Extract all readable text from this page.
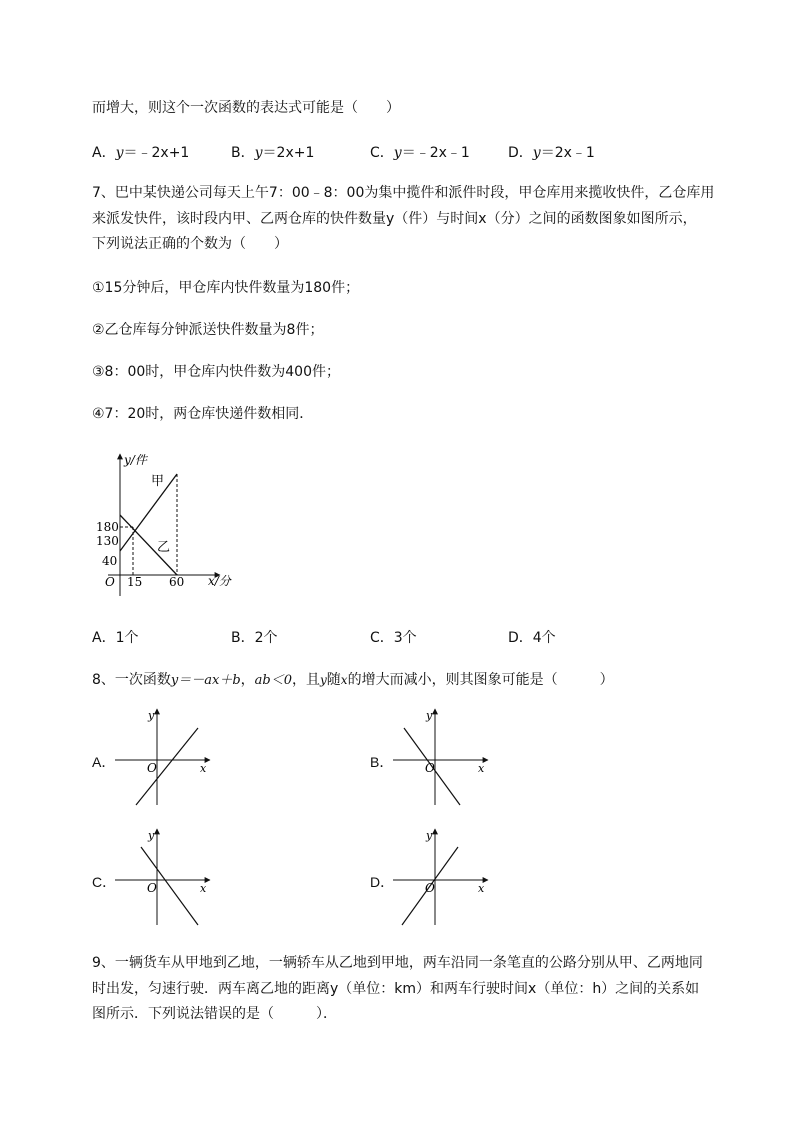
而增大，则这个一次函数的表达式可能是（　　）
A．y＝﹣2x+1	B．y＝2x+1	C．y＝﹣2x﹣1	D．y＝2x﹣1
7、巴中某快递公司每天上午7：00﹣8：00为集中揽件和派件时段，甲仓库用来揽收快件，乙仓库用
来派发快件，该时段内甲、乙两仓库的快件数量y（件）与时间x（分）之间的函数图象如图所示，
下列说法正确的个数为（　　）
①15分钟后，甲仓库内快件数量为180件；
②乙仓库每分钟派送快件数量为8件；
③8：00时，甲仓库内快件数为400件；
④7：20时，两仓库快递件数相同．
y/件
x/分
O
180
130
40
15 60
甲
乙
A．1个	B．2个	C．3个	D．4个
8、一次函数y＝－ax＋b，ab＜0，且y随x的增大而减小，则其图象可能是（　　　）
A．	B．
C．	D．
y
x
O
y
x
O
y
x
O
y
x
O
9、一辆货车从甲地到乙地，一辆轿车从乙地到甲地，两车沿同一条笔直的公路分别从甲、乙两地同
时出发，匀速行驶．两车离乙地的距离y（单位：km）和两车行驶时间x（单位：h）之间的关系如
图所示．下列说法错误的是（　　　）．
